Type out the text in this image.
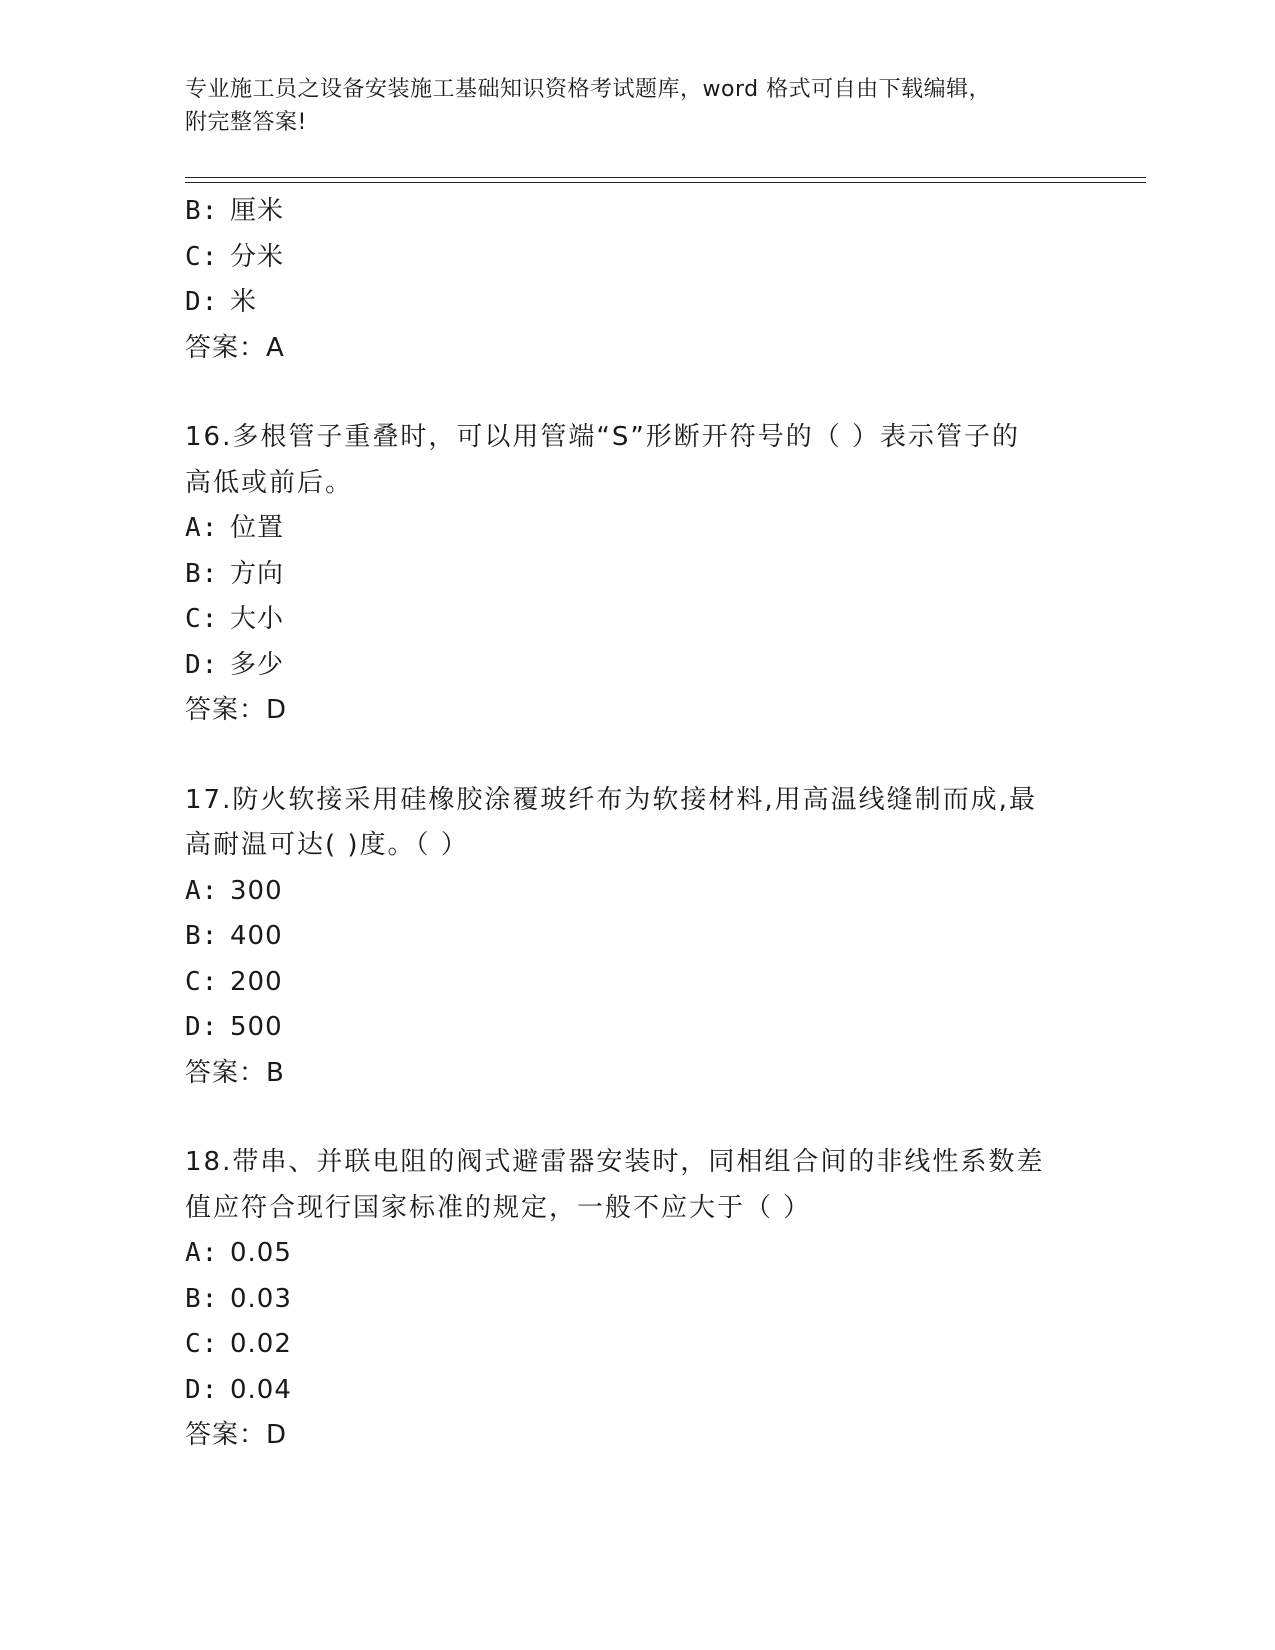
专业施工员之设备安装施工基础知识资格考试题库，word 格式可自由下载编辑，
附完整答案!
B: 厘米
C: 分米
D: 米
答案：A
16.多根管子重叠时，可以用管端“S”形断开符号的（ ）表示管子的
高低或前后。
A: 位置
B: 方向
C: 大小
D: 多少
答案：D
17.防火软接采用硅橡胶涂覆玻纤布为软接材料,用高温线缝制而成,最
高耐温可达( )度。（ ）
A: 300
B: 400
C: 200
D: 500
答案：B
18.带串、并联电阻的阀式避雷器安装时，同相组合间的非线性系数差
值应符合现行国家标准的规定，一般不应大于（ ）
A: 0.05
B: 0.03
C: 0.02
D: 0.04
答案：D
